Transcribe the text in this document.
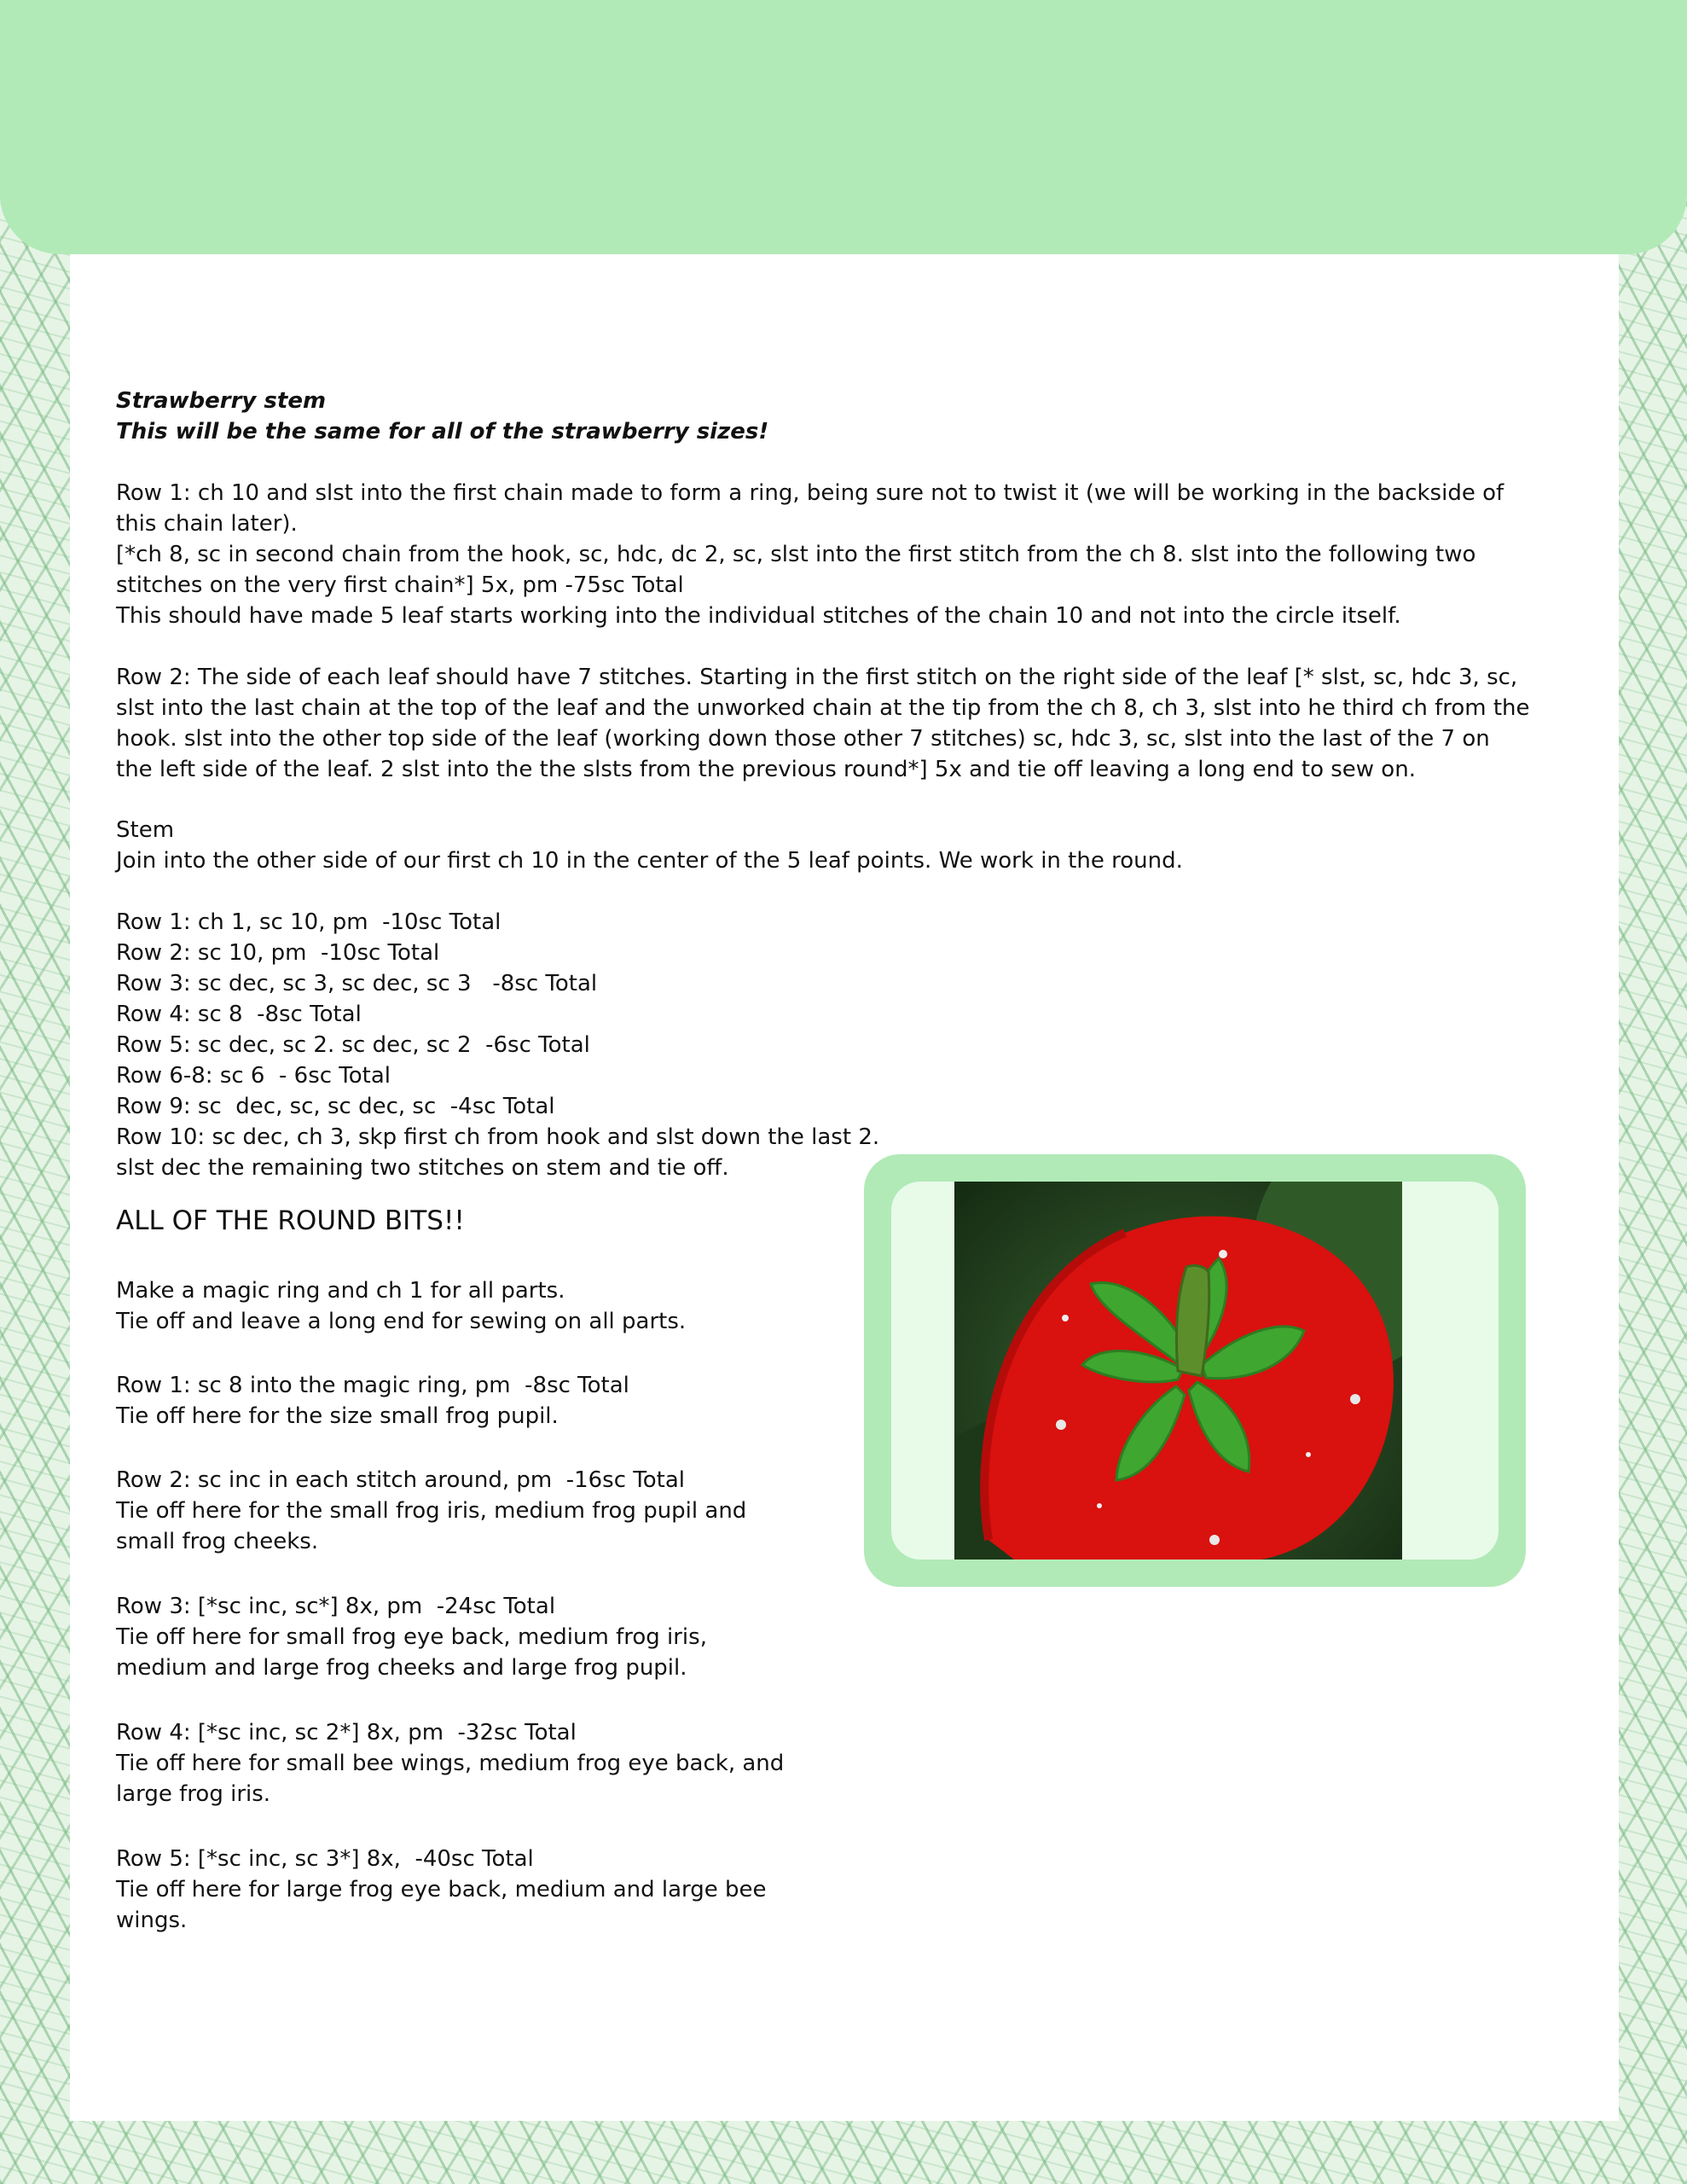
Strawberry stem

This will be the same for all of the strawberry sizes!

Row 1: ch 10 and slst into the first chain made to form a ring, being sure not to twist it (we will be working in the backside of this chain later).

[*ch 8, sc in second chain from the hook, sc, hdc, dc 2, sc, slst into the first stitch from the ch 8. slst into the following two stitches on the very first chain*] 5x, pm -75sc Total

This should have made 5 leaf starts working into the individual stitches of the chain 10 and not into the circle itself.

Row 2: The side of each leaf should have 7 stitches. Starting in the first stitch on the right side of the leaf [* slst, sc, hdc 3, sc, slst into the last chain at the top of the leaf and the unworked chain at the tip from the ch 8, ch 3, slst into he third ch from the hook. slst into the other top side of the leaf (working down those other 7 stitches) sc, hdc 3, sc, slst into the last of the 7 on the left side of the leaf. 2 slst into the the slsts from the previous round*] 5x and tie off leaving a long end to sew on.

Stem

Join into the other side of our first ch 10 in the center of the 5 leaf points. We work in the round.

Row 1: ch 1, sc 10, pm  -10sc Total

Row 2: sc 10, pm  -10sc Total

Row 3: sc dec, sc 3, sc dec, sc 3   -8sc Total

Row 4: sc 8  -8sc Total

Row 5: sc dec, sc 2. sc dec, sc 2  -6sc Total

Row 6-8: sc 6  - 6sc Total

Row 9: sc  dec, sc, sc dec, sc  -4sc Total

Row 10: sc dec, ch 3, skp first ch from hook and slst down the last 2.

slst dec the remaining two stitches on stem and tie off.

ALL OF THE ROUND BITS!!

Make a magic ring and ch 1 for all parts.

Tie off and leave a long end for sewing on all parts.

Row 1: sc 8 into the magic ring, pm  -8sc Total

Tie off here for the size small frog pupil.

Row 2: sc inc in each stitch around, pm  -16sc Total

Tie off here for the small frog iris, medium frog pupil and small frog cheeks.

Row 3: [*sc inc, sc*] 8x, pm  -24sc Total

Tie off here for small frog eye back, medium frog iris, medium and large frog cheeks and large frog pupil.

Row 4: [*sc inc, sc 2*] 8x, pm  -32sc Total

Tie off here for small bee wings, medium frog eye back, and large frog iris.

Row 5: [*sc inc, sc 3*] 8x,  -40sc Total

Tie off here for large frog eye back, medium and large bee wings.
